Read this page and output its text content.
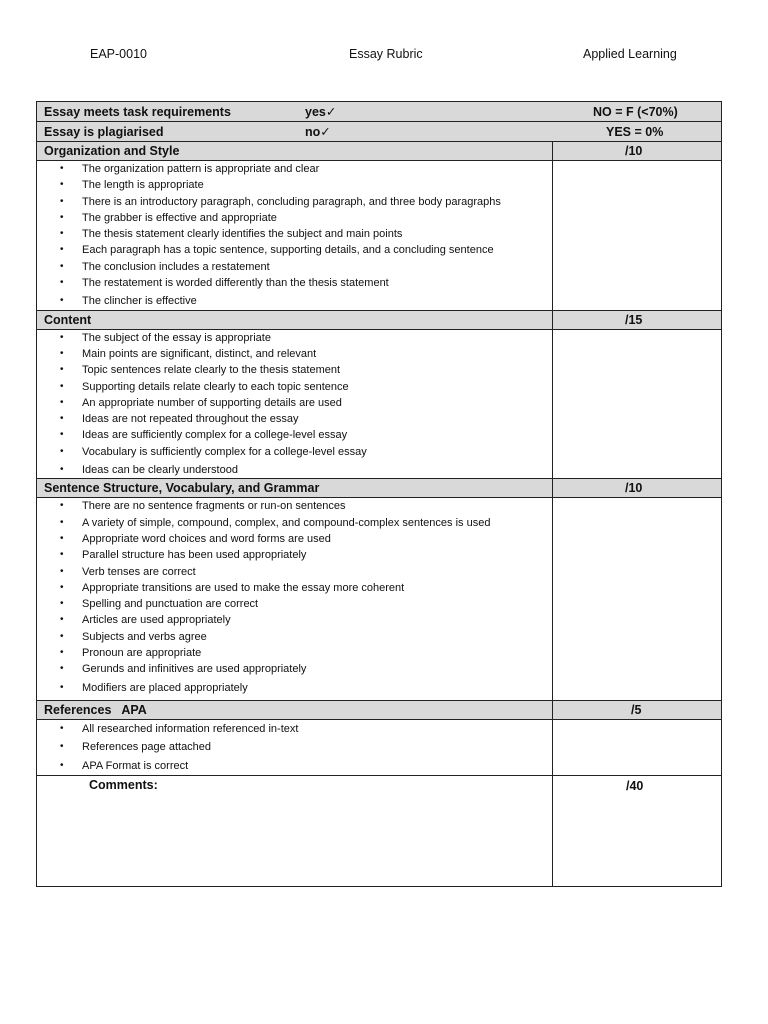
EAP-0010	Essay Rubric	Applied Learning
Essay meets task requirements	yes✓	NO = F (<70%)
Essay is plagiarised	no✓	YES = 0%
Organization and Style	/10
• The organization pattern is appropriate and clear
• The length is appropriate
• There is an introductory paragraph, concluding paragraph, and three body paragraphs
• The grabber is effective and appropriate
• The thesis statement clearly identifies the subject and main points
• Each paragraph has a topic sentence, supporting details, and a concluding sentence
• The conclusion includes a restatement
• The restatement is worded differently than the thesis statement
• The clincher is effective
Content	/15
• The subject of the essay is appropriate
• Main points are significant, distinct, and relevant
• Topic sentences relate clearly to the thesis statement
• Supporting details relate clearly to each topic sentence
• An appropriate number of supporting details are used
• Ideas are not repeated throughout the essay
• Ideas are sufficiently complex for a college-level essay
• Vocabulary is sufficiently complex for a college-level essay
• Ideas can be clearly understood
Sentence Structure, Vocabulary, and Grammar	/10
• There are no sentence fragments or run-on sentences
• A variety of simple, compound, complex, and compound-complex sentences is used
• Appropriate word choices and word forms are used
• Parallel structure has been used appropriately
• Verb tenses are correct
• Appropriate transitions are used to make the essay more coherent
• Spelling and punctuation are correct
• Articles are used appropriately
• Subjects and verbs agree
• Pronoun are appropriate
• Gerunds and infinitives are used appropriately
• Modifiers are placed appropriately
References   APA	/5
• All researched information referenced in-text
• References page attached
• APA Format is correct
Comments:	/40
